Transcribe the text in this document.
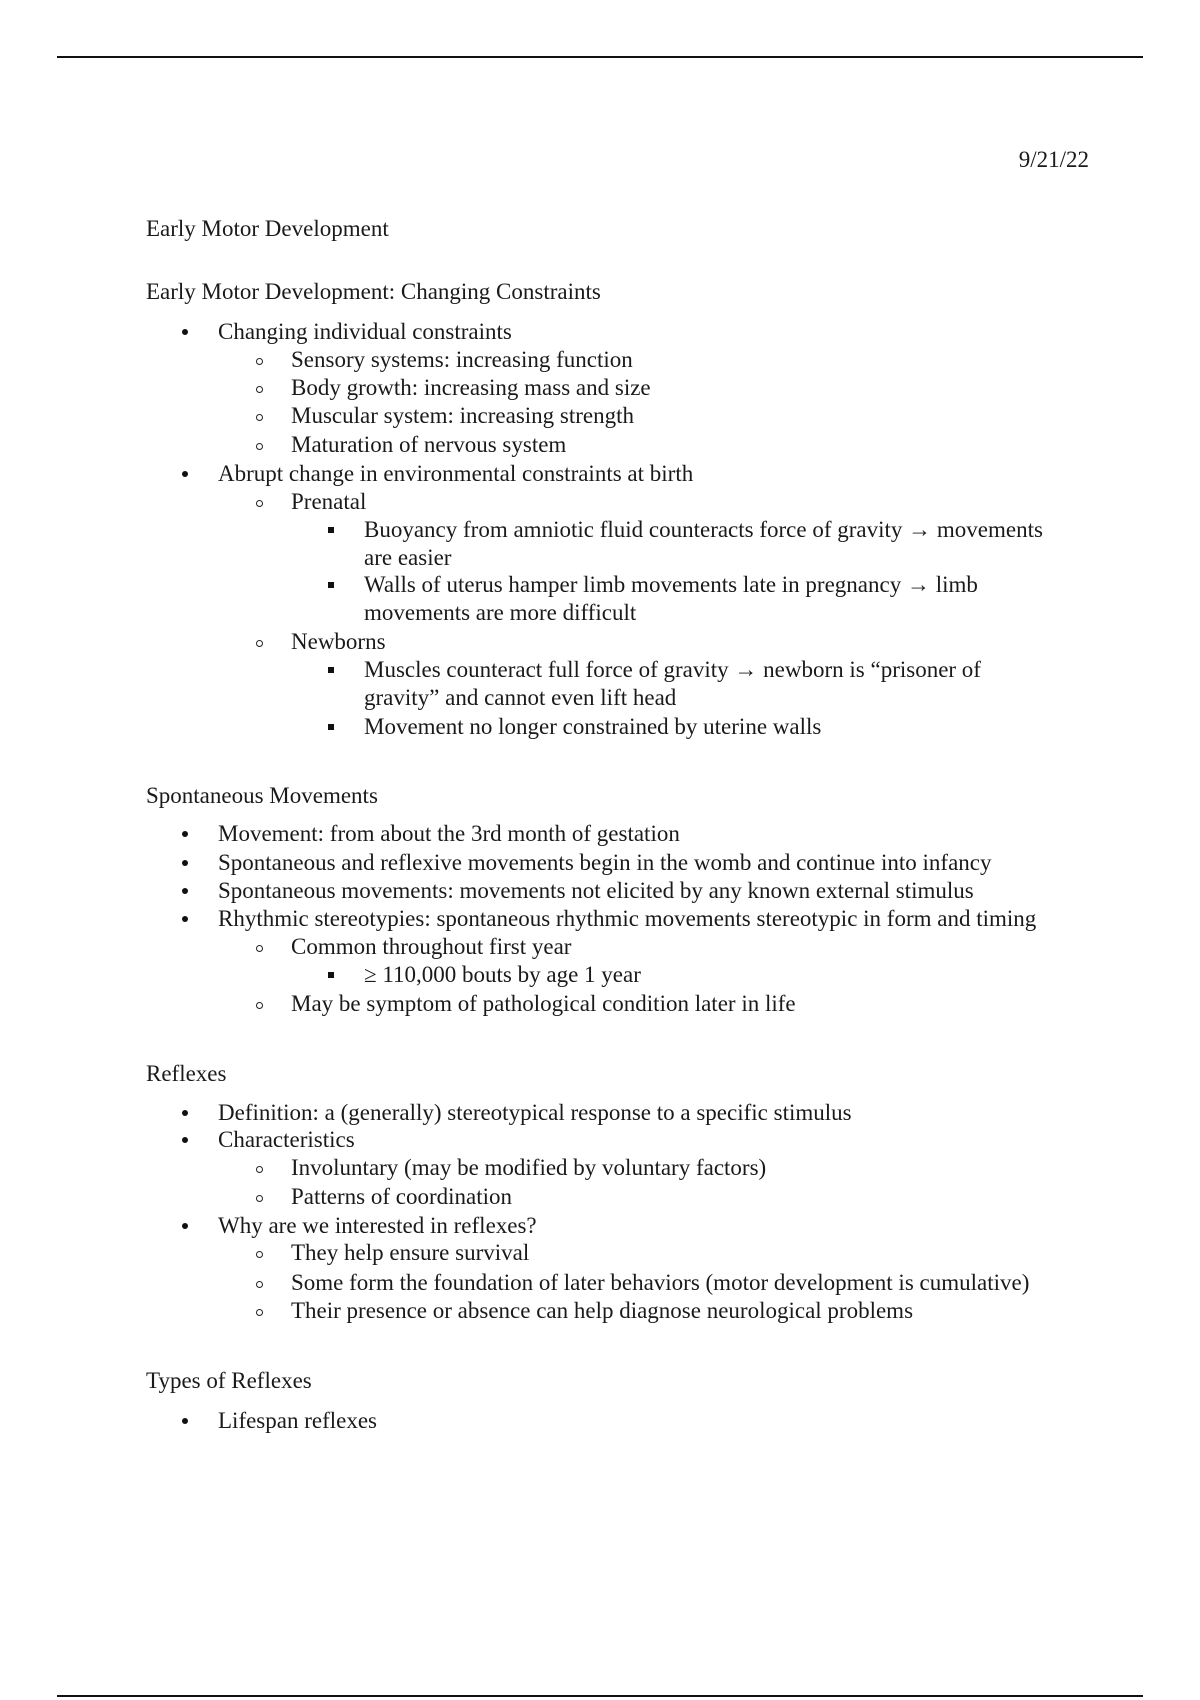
9/21/22
Early Motor Development
Early Motor Development: Changing Constraints
Changing individual constraints
Sensory systems: increasing function
Body growth: increasing mass and size
Muscular system: increasing strength
Maturation of nervous system
Abrupt change in environmental constraints at birth
Prenatal
Buoyancy from amniotic fluid counteracts force of gravity → movements
are easier
Walls of uterus hamper limb movements late in pregnancy → limb
movements are more difficult
Newborns
Muscles counteract full force of gravity → newborn is “prisoner of
gravity” and cannot even lift head
Movement no longer constrained by uterine walls
Spontaneous Movements
Movement: from about the 3rd month of gestation
Spontaneous and reflexive movements begin in the womb and continue into infancy
Spontaneous movements: movements not elicited by any known external stimulus
Rhythmic stereotypies: spontaneous rhythmic movements stereotypic in form and timing
Common throughout first year
≥ 110,000 bouts by age 1 year
May be symptom of pathological condition later in life
Reflexes
Definition: a (generally) stereotypical response to a specific stimulus
Characteristics
Involuntary (may be modified by voluntary factors)
Patterns of coordination
Why are we interested in reflexes?
They help ensure survival
Some form the foundation of later behaviors (motor development is cumulative)
Their presence or absence can help diagnose neurological problems
Types of Reflexes
Lifespan reflexes
